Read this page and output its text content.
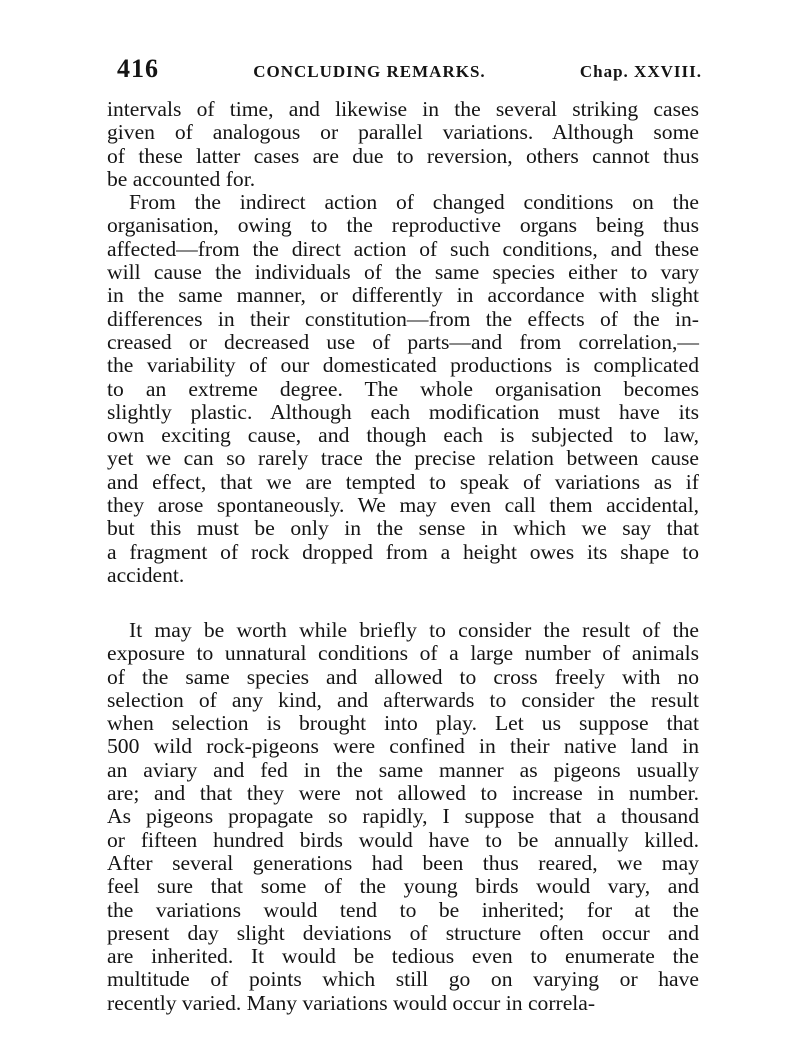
416	CONCLUDING REMARKS.	Chap. XXVIII.
intervals of time, and likewise in the several striking cases
given of analogous or parallel variations. Although some
of these latter cases are due to reversion, others cannot thus
be accounted for.
From the indirect action of changed conditions on the
organisation, owing to the reproductive organs being thus
affected—from the direct action of such conditions, and these
will cause the individuals of the same species either to vary
in the same manner, or differently in accordance with slight
differences in their constitution—from the effects of the in-
creased or decreased use of parts—and from correlation,—
the variability of our domesticated productions is complicated
to an extreme degree. The whole organisation becomes
slightly plastic. Although each modification must have its
own exciting cause, and though each is subjected to law,
yet we can so rarely trace the precise relation between cause
and effect, that we are tempted to speak of variations as if
they arose spontaneously. We may even call them accidental,
but this must be only in the sense in which we say that
a fragment of rock dropped from a height owes its shape to
accident.
It may be worth while briefly to consider the result of the
exposure to unnatural conditions of a large number of animals
of the same species and allowed to cross freely with no
selection of any kind, and afterwards to consider the result
when selection is brought into play. Let us suppose that
500 wild rock-pigeons were confined in their native land in
an aviary and fed in the same manner as pigeons usually
are; and that they were not allowed to increase in number.
As pigeons propagate so rapidly, I suppose that a thousand
or fifteen hundred birds would have to be annually killed.
After several generations had been thus reared, we may
feel sure that some of the young birds would vary, and
the variations would tend to be inherited; for at the
present day slight deviations of structure often occur and
are inherited. It would be tedious even to enumerate the
multitude of points which still go on varying or have
recently varied. Many variations would occur in correla-
